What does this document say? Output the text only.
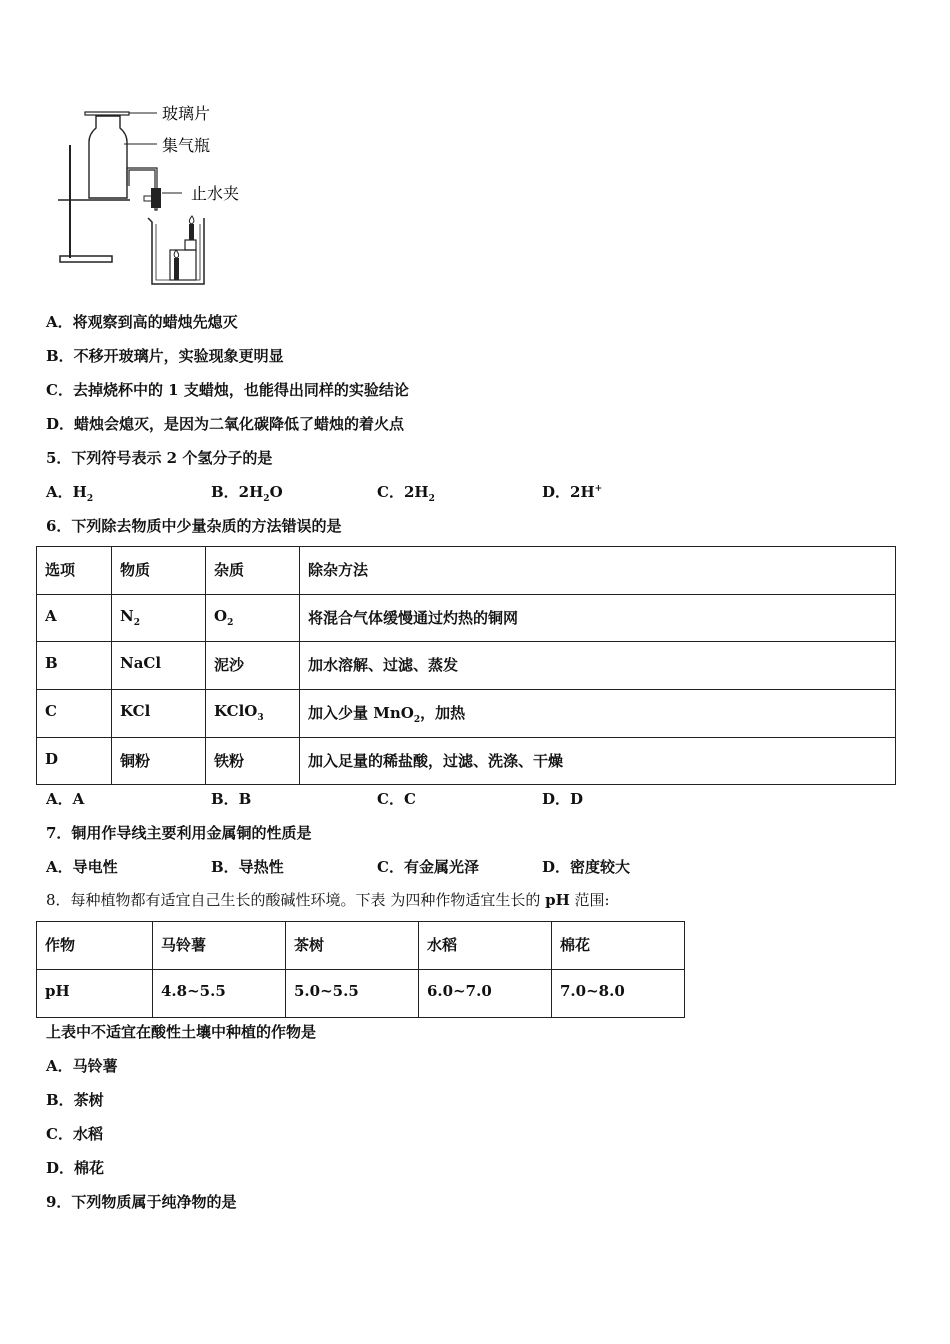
玻璃片
集气瓶
止水夹
A．将观察到高的蜡烛先熄灭
B．不移开玻璃片，实验现象更明显
C．去掉烧杯中的 1 支蜡烛，也能得出同样的实验结论
D．蜡烛会熄灭，是因为二氧化碳降低了蜡烛的着火点
5．下列符号表示 2 个氢分子的是
A．$H_2$	B．$2H_2O$	C．$2H_2$	D．2H+
6．下列除去物质中少量杂质的方法错误的是
选项	物质	杂质	除杂方法
A	$N_2$	$O_2$	将混合气体缓慢通过灼热的铜网
B	NaCl	泥沙	加水溶解、过滤、蒸发
C	KCl	KClO$_3$	加入少量 MnO$_2$，加热
D	铜粉	铁粉	加入足量的稀盐酸，过滤、洗涤、干燥
A．A	B．B	C．C	D．D
7．铜用作导线主要利用金属铜的性质是
A．导电性	B．导热性	C．有金属光泽	D．密度较大
8．每种植物都有适宜自己生长的酸碱性环境。下表 为四种作物适宜生长的 pH 范围:
作物	马铃薯	茶树	水稻	棉花
pH	4.8~5.5	5.0~5.5	6.0~7.0	7.0~8.0
上表中不适宜在酸性土壤中种植的作物是
A．马铃薯
B．茶树
C．水稻
D．棉花
9．下列物质属于纯净物的是
